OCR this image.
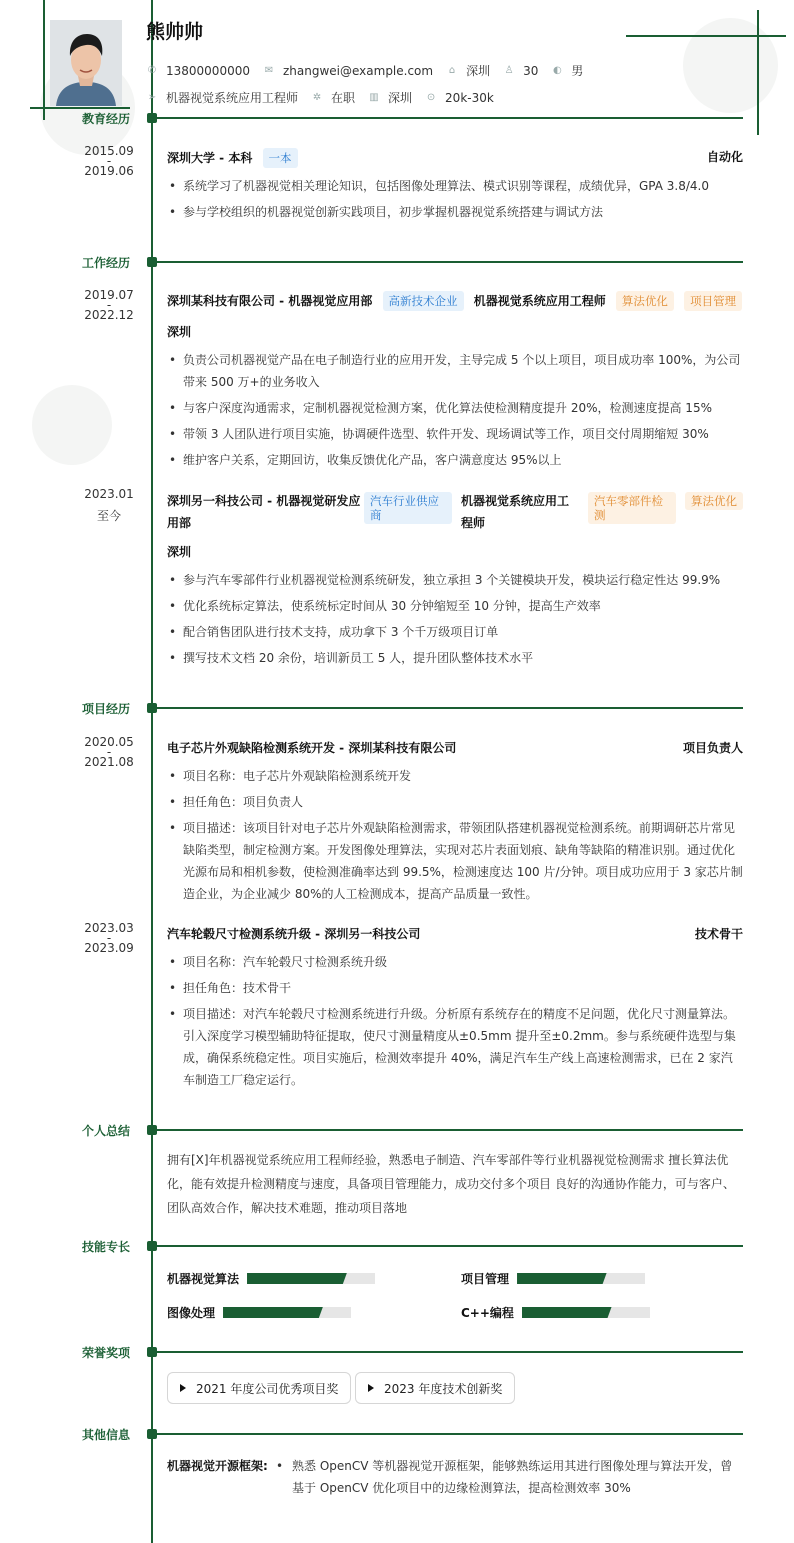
熊帅帅
✆ 13800000000 ✉ zhangwei@example.com ⌂ 深圳 ♙ 30 ◐ 男
➢ 机器视觉系统应用工程师 ✲ 在职 ▥ 深圳 ⊙ 20k-30k
教育经历
2015.09
-
2019.06
深圳大学 - 本科 一本	自动化
• 系统学习了机器视觉相关理论知识，包括图像处理算法、模式识别等课程，成绩优异，GPA 3.8/4.0
• 参与学校组织的机器视觉创新实践项目，初步掌握机器视觉系统搭建与调试方法
工作经历
2019.07
-
2022.12
深圳某科技有限公司 - 机器视觉应用部 高新技术企业 机器视觉系统应用工程师 算法优化 项目管理
深圳
• 负责公司机器视觉产品在电子制造行业的应用开发，主导完成 5 个以上项目，项目成功率 100%，为公司带来 500 万+的业务收入
• 与客户深度沟通需求，定制机器视觉检测方案，优化算法使检测精度提升 20%，检测速度提高 15%
• 带领 3 人团队进行项目实施，协调硬件选型、软件开发、现场调试等工作，项目交付周期缩短 30%
• 维护客户关系，定期回访，收集反馈优化产品，客户满意度达 95%以上
2023.01
至今
深圳另一科技公司 - 机器视觉研发应用部
汽车行业供应商
机器视觉系统应用工程师
汽车零部件检测
算法优化
深圳
• 参与汽车零部件行业机器视觉检测系统研发，独立承担 3 个关键模块开发，模块运行稳定性达 99.9%
• 优化系统标定算法，使系统标定时间从 30 分钟缩短至 10 分钟，提高生产效率
• 配合销售团队进行技术支持，成功拿下 3 个千万级项目订单
• 撰写技术文档 20 余份，培训新员工 5 人，提升团队整体技术水平
项目经历
2020.05
-
2021.08
电子芯片外观缺陷检测系统开发 - 深圳某科技有限公司	项目负责人
• 项目名称：电子芯片外观缺陷检测系统开发
• 担任角色：项目负责人
• 项目描述：该项目针对电子芯片外观缺陷检测需求，带领团队搭建机器视觉检测系统。前期调研芯片常见缺陷类型，制定检测方案。开发图像处理算法，实现对芯片表面划痕、缺角等缺陷的精准识别。通过优化光源布局和相机参数，使检测准确率达到 99.5%，检测速度达 100 片/分钟。项目成功应用于 3 家芯片制造企业，为企业减少 80%的人工检测成本，提高产品质量一致性。
2023.03
-
2023.09
汽车轮毂尺寸检测系统升级 - 深圳另一科技公司	技术骨干
• 项目名称：汽车轮毂尺寸检测系统升级
• 担任角色：技术骨干
• 项目描述：对汽车轮毂尺寸检测系统进行升级。分析原有系统存在的精度不足问题，优化尺寸测量算法。引入深度学习模型辅助特征提取，使尺寸测量精度从±0.5mm 提升至±0.2mm。参与系统硬件选型与集成，确保系统稳定性。项目实施后，检测效率提升 40%，满足汽车生产线上高速检测需求，已在 2 家汽车制造工厂稳定运行。
个人总结
拥有[X]年机器视觉系统应用工程师经验，熟悉电子制造、汽车零部件等行业机器视觉检测需求 擅长算法优化，能有效提升检测精度与速度，具备项目管理能力，成功交付多个项目 良好的沟通协作能力，可与客户、团队高效合作，解决技术难题，推动项目落地
技能专长
机器视觉算法	项目管理
图像处理	C++编程
荣誉奖项
2021 年度公司优秀项目奖	2023 年度技术创新奖
其他信息
机器视觉开源框架: • 熟悉 OpenCV 等机器视觉开源框架，能够熟练运用其进行图像处理与算法开发，曾基于 OpenCV 优化项目中的边缘检测算法，提高检测效率 30%
